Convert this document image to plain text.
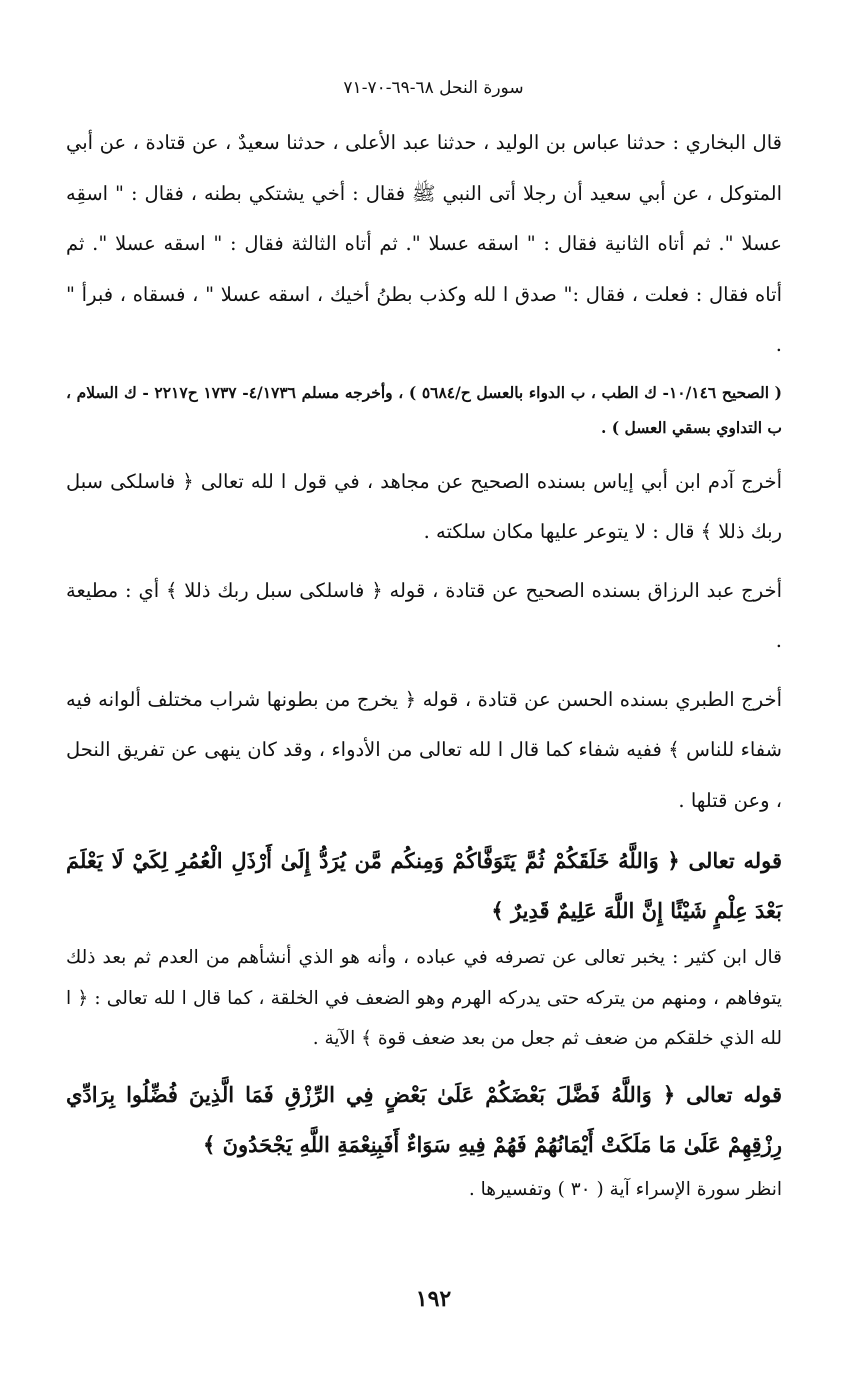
سورة النحل ٦٨-٦٩-٧٠-٧١

قال البخاري : حدثنا عباس بن الوليد ، حدثنا عبد الأعلى ، حدثنا سعيدٌ ، عن قتادة ، عن أبي المتوكل ، عن أبي سعيد أن رجلا أتى النبي ﷺ فقال : أخي يشتكي بطنه ، فقال : " اسقِه عسلا ". ثم أتاه الثانية فقال : " اسقه عسلا ". ثم أتاه الثالثة فقال : " اسقه عسلا ". ثم أتاه فقال : فعلت ، فقال :" صدق ا لله وكذب بطنُ أخيك ، اسقه عسلا " ، فسقاه ، فبرأ " .

( الصحيح ١٠/١٤٦- ك الطب ، ب الدواء بالعسل ح/٥٦٨٤ ) ، وأخرجه مسلم ٤/١٧٣٦- ١٧٣٧ ح٢٢١٧ - ك السلام ، ب التداوي بسقي العسل ) .

أخرج آدم ابن أبي إياس بسنده الصحيح عن مجاهد ، في قول ا لله تعالى ﴿ فاسلكى سبل ربك ذللا ﴾ قال : لا يتوعر عليها مكان سلكته .

أخرج عبد الرزاق بسنده الصحيح عن قتادة ، قوله ﴿ فاسلكى سبل ربك ذللا ﴾ أي : مطيعة .

أخرج الطبري بسنده الحسن عن قتادة ، قوله ﴿ يخرج من بطونها شراب مختلف ألوانه فيه شفاء للناس ﴾ ففيه شفاء كما قال ا لله تعالى من الأدواء ، وقد كان ينهى عن تفريق النحل ، وعن قتلها .

قوله تعالى ﴿ وَاللَّهُ خَلَقَكُمْ ثُمَّ يَتَوَفَّاكُمْ وَمِنكُم مَّن يُرَدُّ إِلَىٰ أَرْذَلِ الْعُمُرِ لِكَيْ لَا يَعْلَمَ بَعْدَ عِلْمٍ شَيْئًا إِنَّ اللَّهَ عَلِيمٌ قَدِيرٌ ﴾

قال ابن كثير : يخبر تعالى عن تصرفه في عباده ، وأنه هو الذي أنشأهم من العدم ثم بعد ذلك يتوفاهم ، ومنهم من يتركه حتى يدركه الهرم وهو الضعف في الخلقة ، كما قال ا لله تعالى : ﴿ ا لله الذي خلقكم من ضعف ثم جعل من بعد ضعف قوة ﴾ الآية .

قوله تعالى ﴿ وَاللَّهُ فَضَّلَ بَعْضَكُمْ عَلَىٰ بَعْضٍ فِي الرِّزْقِ فَمَا الَّذِينَ فُضِّلُوا بِرَادِّي رِزْقِهِمْ عَلَىٰ مَا مَلَكَتْ أَيْمَانُهُمْ فَهُمْ فِيهِ سَوَاءٌ أَفَبِنِعْمَةِ اللَّهِ يَجْحَدُونَ ﴾

انظر سورة الإسراء آية ( ٣٠ ) وتفسيرها .

١٩٢
